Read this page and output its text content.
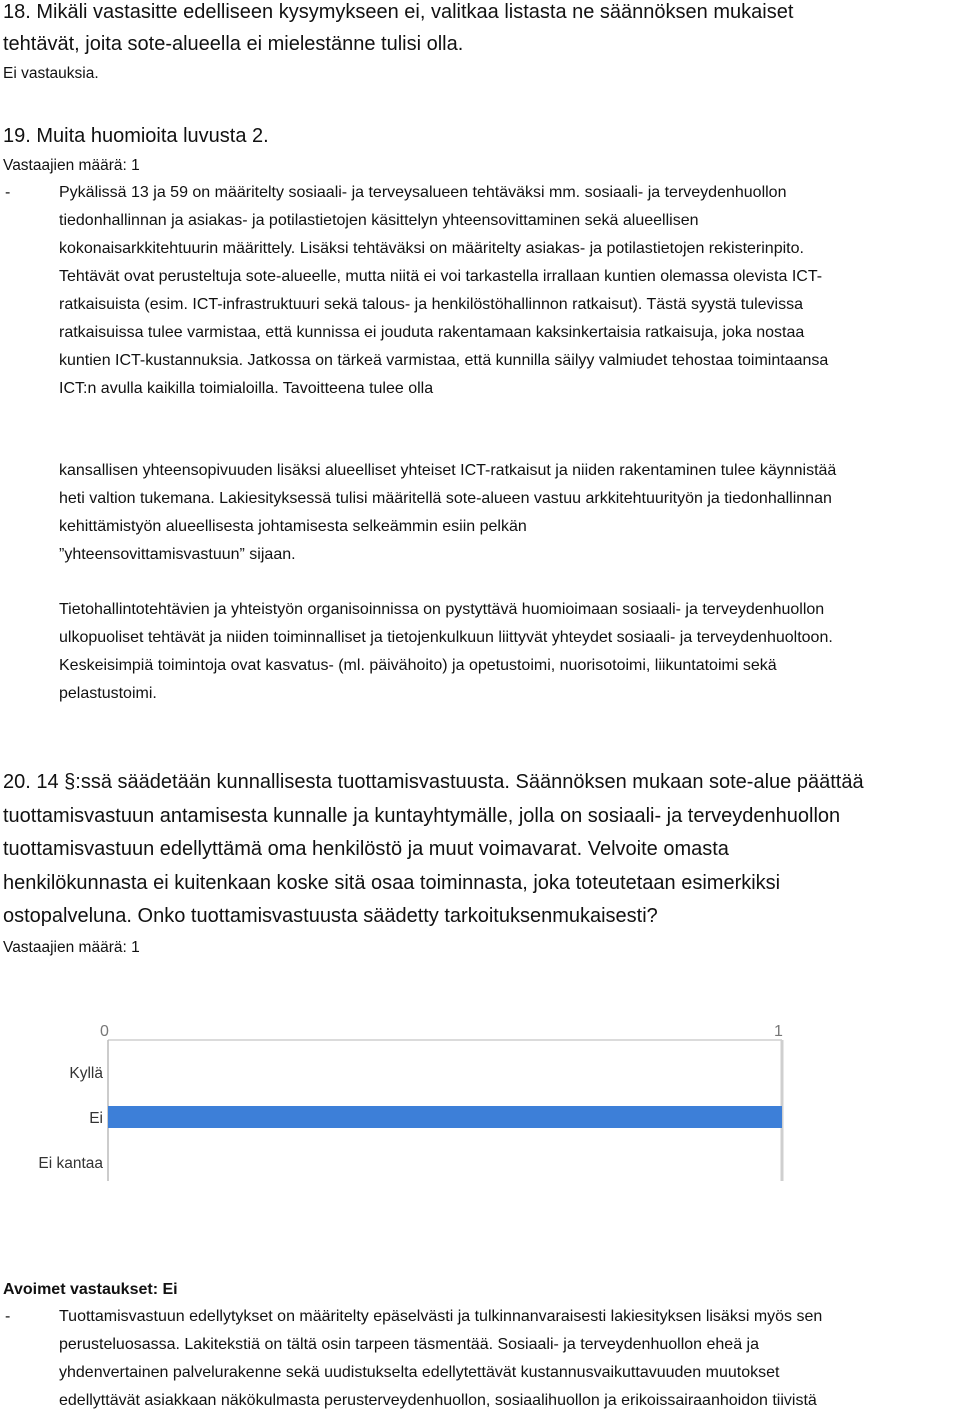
18. Mikäli vastasitte edelliseen kysymykseen ei, valitkaa listasta ne säännöksen mukaiset
tehtävät, joita sote-alueella ei mielestänne tulisi olla.
Ei vastauksia.
19. Muita huomioita luvusta 2.
Vastaajien määrä: 1
-	Pykälissä 13 ja 59 on määritelty sosiaali- ja terveysalueen tehtäväksi mm. sosiaali- ja terveydenhuollon
tiedonhallinnan ja asiakas- ja potilastietojen käsittelyn yhteensovittaminen sekä alueellisen
kokonaisarkkitehtuurin määrittely. Lisäksi tehtäväksi on määritelty asiakas- ja potilastietojen rekisterinpito.
Tehtävät ovat perusteltuja sote-alueelle, mutta niitä ei voi tarkastella irrallaan kuntien olemassa olevista ICT-
ratkaisuista (esim. ICT-infrastruktuuri sekä talous- ja henkilöstöhallinnon ratkaisut). Tästä syystä tulevissa
ratkaisuissa tulee varmistaa, että kunnissa ei jouduta rakentamaan kaksinkertaisia ratkaisuja, joka nostaa
kuntien ICT-kustannuksia. Jatkossa on tärkeä varmistaa, että kunnilla säilyy valmiudet tehostaa toimintaansa
ICT:n avulla kaikilla toimialoilla. Tavoitteena tulee olla
kansallisen yhteensopivuuden lisäksi alueelliset yhteiset ICT-ratkaisut ja niiden rakentaminen tulee käynnistää
heti valtion tukemana. Lakiesityksessä tulisi määritellä sote-alueen vastuu arkkitehtuurityön ja tiedonhallinnan
kehittämistyön alueellisesta johtamisesta selkeämmin esiin pelkän
”yhteensovittamisvastuun” sijaan.
Tietohallintotehtävien ja yhteistyön organisoinnissa on pystyttävä huomioimaan sosiaali- ja terveydenhuollon
ulkopuoliset tehtävät ja niiden toiminnalliset ja tietojenkulkuun liittyvät yhteydet sosiaali- ja terveydenhuoltoon.
Keskeisimpiä toimintoja ovat kasvatus- (ml. päivähoito) ja opetustoimi, nuorisotoimi, liikuntatoimi sekä
pelastustoimi.
20. 14 §:ssä säädetään kunnallisesta tuottamisvastuusta. Säännöksen mukaan sote-alue päättää
tuottamisvastuun antamisesta kunnalle ja kuntayhtymälle, jolla on sosiaali- ja terveydenhuollon
tuottamisvastuun edellyttämä oma henkilöstö ja muut voimavarat. Velvoite omasta
henkilökunnasta ei kuitenkaan koske sitä osaa toiminnasta, joka toteutetaan esimerkiksi
ostopalveluna. Onko tuottamisvastuusta säädetty tarkoituksenmukaisesti?
Vastaajien määrä: 1
0	1
Kyllä
Ei
Ei kantaa
Avoimet vastaukset: Ei
-	Tuottamisvastuun edellytykset on määritelty epäselvästi ja tulkinnanvaraisesti lakiesityksen lisäksi myös sen
perusteluosassa. Lakitekstiä on tältä osin tarpeen täsmentää. Sosiaali- ja terveydenhuollon eheä ja
yhdenvertainen palvelurakenne sekä uudistukselta edellytettävät kustannusvaikuttavuuden muutokset
edellyttävät asiakkaan näkökulmasta perusterveydenhuollon, sosiaalihuollon ja erikoissairaanhoidon tiivistä
